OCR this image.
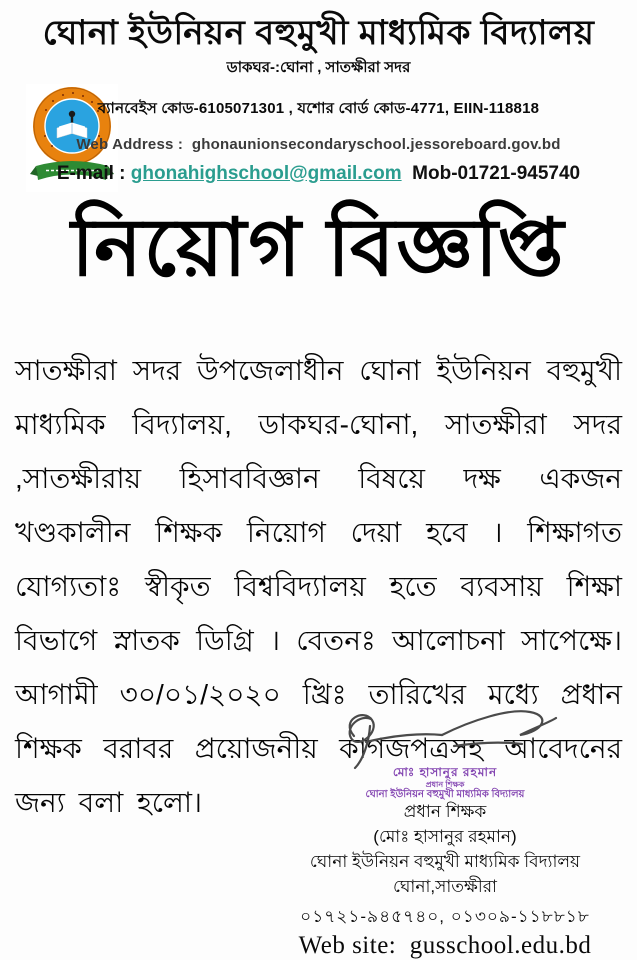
ঘোনা ইউনিয়ন বহুমুখী মাধ্যমিক বিদ্যালয়
ডাকঘর-:ঘোনা , সাতক্ষীরা সদর
ব্যানবেইস কোড-6105071301 , যশোর বোর্ড কোড-4771, EIIN-118818
Web Address : ghonaunionsecondaryschool.jessoreboard.gov.bd
E-mail : ghonahighschool@gmail.com Mob-01721-945740
নিয়োগ বিজ্ঞপ্তি
সাতক্ষীরা সদর উপজেলাধীন ঘোনা ইউনিয়ন বহুমুখী মাধ্যমিক বিদ্যালয়, ডাকঘর-ঘোনা, সাতক্ষীরা সদর ,সাতক্ষীরায় হিসাববিজ্ঞান বিষয়ে দক্ষ একজন খণ্ডকালীন শিক্ষক নিয়োগ দেয়া হবে । শিক্ষাগত যোগ্যতাঃ স্বীকৃত বিশ্ববিদ্যালয় হতে ব্যবসায় শিক্ষা বিভাগে স্নাতক ডিগ্রি । বেতনঃ আলোচনা সাপেক্ষে।আগামী ৩০/০১/২০২০ খ্রিঃ তারিখের মধ্যে প্রধান শিক্ষক বরাবর প্রয়োজনীয় কাগজপত্রসহ আবেদনের জন্য বলা হলো।
মোঃ হাসানুর রহমান
প্রধান শিক্ষক
ঘোনা ইউনিয়ন বহুমুখী মাধ্যমিক বিদ্যালয়
প্রধান শিক্ষক
(মোঃ হাসানুর রহমান)
ঘোনা ইউনিয়ন বহুমুখী মাধ্যমিক বিদ্যালয়
ঘোনা,সাতক্ষীরা
০১৭২১-৯৪৫৭৪০, ০১৩০৯-১১৮৮১৮
Web site: gusschool.edu.bd
